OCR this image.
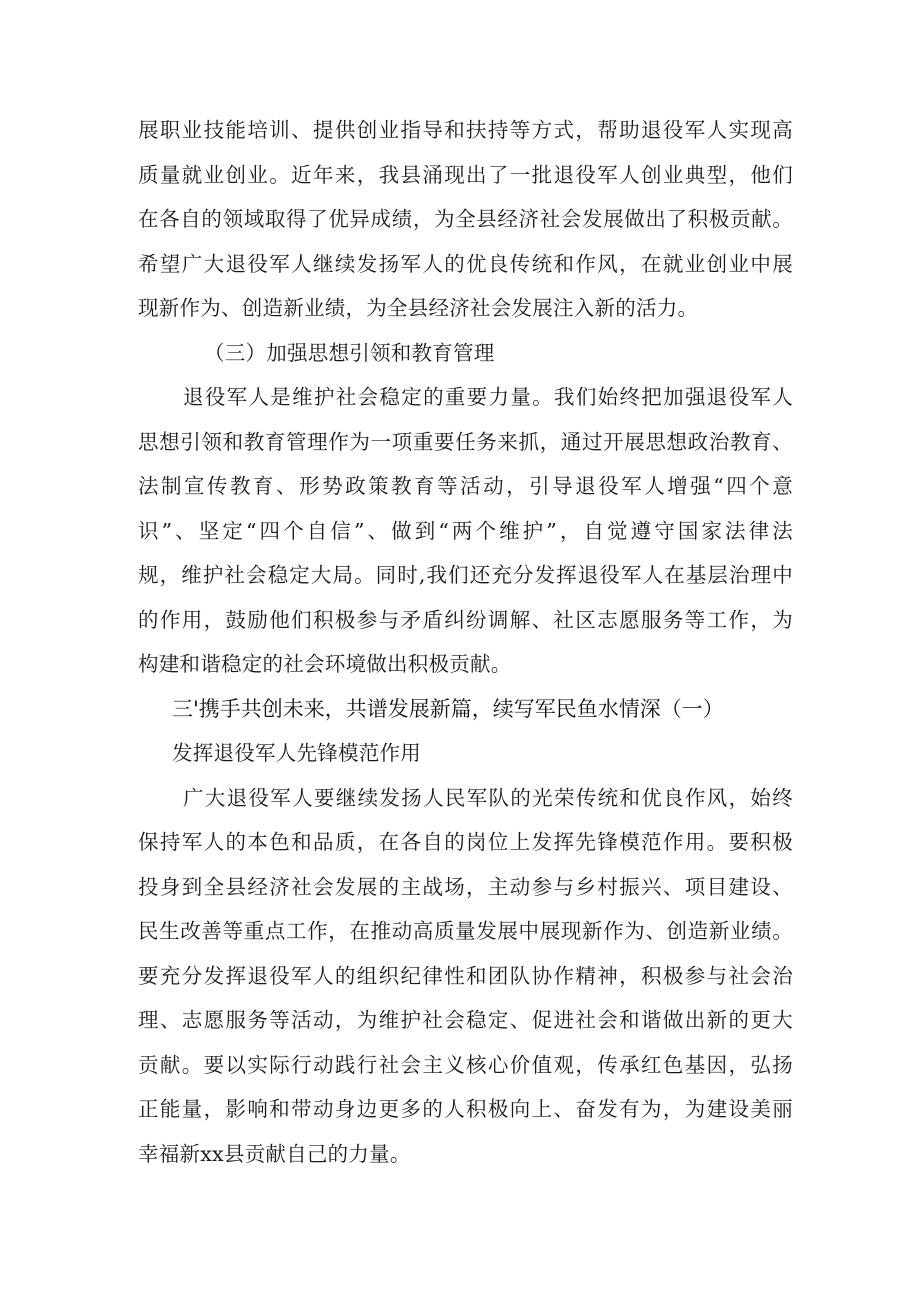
展职业技能培训、提供创业指导和扶持等方式，帮助退役军人实现高
质量就业创业。近年来，我县涌现出了一批退役军人创业典型，他们
在各自的领域取得了优异成绩，为全县经济社会发展做出了积极贡献。
希望广大退役军人继续发扬军人的优良传统和作风，在就业创业中展
现新作为、创造新业绩，为全县经济社会发展注入新的活力。
（三）加强思想引领和教育管理
退役军人是维护社会稳定的重要力量。我们始终把加强退役军人
思想引领和教育管理作为一项重要任务来抓，通过开展思想政治教育、
法制宣传教育、形势政策教育等活动，引导退役军人增强“四个意
识”、坚定“四个自信”、做到“两个维护”，自觉遵守国家法律法
规，维护社会稳定大局。同时,我们还充分发挥退役军人在基层治理中
的作用，鼓励他们积极参与矛盾纠纷调解、社区志愿服务等工作，为
构建和谐稳定的社会环境做出积极贡献。
三'携手共创未来，共谱发展新篇，续写军民鱼水情深（一）
发挥退役军人先锋模范作用
广大退役军人要继续发扬人民军队的光荣传统和优良作风，始终
保持军人的本色和品质，在各自的岗位上发挥先锋模范作用。要积极
投身到全县经济社会发展的主战场，主动参与乡村振兴、项目建设、
民生改善等重点工作，在推动高质量发展中展现新作为、创造新业绩。
要充分发挥退役军人的组织纪律性和团队协作精神，积极参与社会治
理、志愿服务等活动，为维护社会稳定、促进社会和谐做出新的更大
贡献。要以实际行动践行社会主义核心价值观，传承红色基因，弘扬
正能量，影响和带动身边更多的人积极向上、奋发有为，为建设美丽
幸福新xx县贡献自己的力量。
